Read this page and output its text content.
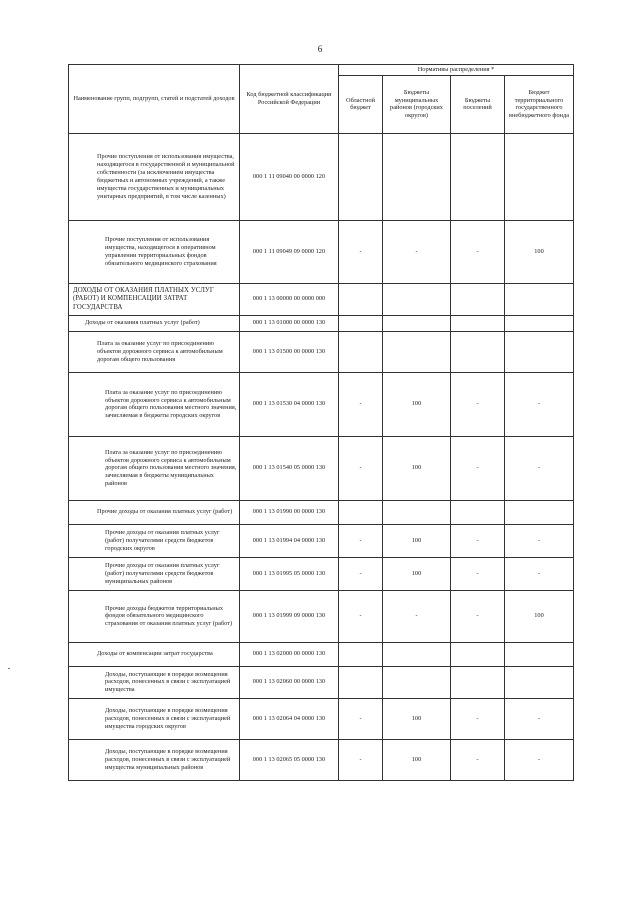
6
Наименование групп, подгрупп, статей и подстатей доходов	Код бюджетной классификации Российской Федерации	Нормативы распределения *			
		Областной бюджет	Бюджеты муниципальных районов (городских округов)	Бюджеты поселений	Бюджет территориального государственного внебюджетного фонда
Прочие поступления от использования имущества, находящегося в государственной и муниципальной собственности (за исключением имущества бюджетных и автономных учреждений, а также имущества государственных и муниципальных унитарных предприятий, в том числе казенных)	000 1 11 09040 00 0000 120				
Прочие поступления от использования имущества, находящегося в оперативном управлении территориальных фондов обязательного медицинского страхования	000 1 11 09049 09 0000 120	-	-	-	100
ДОХОДЫ ОТ ОКАЗАНИЯ ПЛАТНЫХ УСЛУГ (РАБОТ) И КОМПЕНСАЦИИ ЗАТРАТ ГОСУДАРСТВА	000 1 13 00000 00 0000 000				
Доходы от оказания платных услуг (работ)	000 1 13 01000 00 0000 130				
Плата за оказание услуг по присоединению объектов дорожного сервиса к автомобильным дорогам общего пользования	000 1 13 01500 00 0000 130				
Плата за оказание услуг по присоединению объектов дорожного сервиса к автомобильным дорогам общего пользования местного значения, зачисляемая в бюджеты городских округов	000 1 13 01530 04 0000 130	-	100	-	-
Плата за оказание услуг по присоединению объектов дорожного сервиса к автомобильным дорогам общего пользования местного значения, зачисляемая в бюджеты муниципальных районов	000 1 13 01540 05 0000 130	-	100	-	-
Прочие доходы от оказания платных услуг (работ)	000 1 13 01990 00 0000 130				
Прочие доходы от оказания платных услуг (работ) получателями средств бюджетов городских округов	000 1 13 01994 04 0000 130	-	100	-	-
Прочие доходы от оказания платных услуг (работ) получателями средств бюджетов муниципальных районов	000 1 13 01995 05 0000 130	-	100	-	-
Прочие доходы бюджетов территориальных фондов обязательного медицинского страхования от оказания платных услуг (работ)	000 1 13 01999 09 0000 130	-	-	-	100
Доходы от компенсации затрат государства	000 1 13 02000 00 0000 130				
Доходы, поступающие в порядке возмещения расходов, понесенных в связи с эксплуатацией имущества	000 1 13 02060 00 0000 130				
Доходы, поступающие в порядке возмещения расходов, понесенных в связи с эксплуатацией имущества городских округов	000 1 13 02064 04 0000 130	-	100	-	-
Доходы, поступающие в порядке возмещения расходов, понесенных в связи с эксплуатацией имущества муниципальных районов	000 1 13 02065 05 0000 130	-	100	-	-
